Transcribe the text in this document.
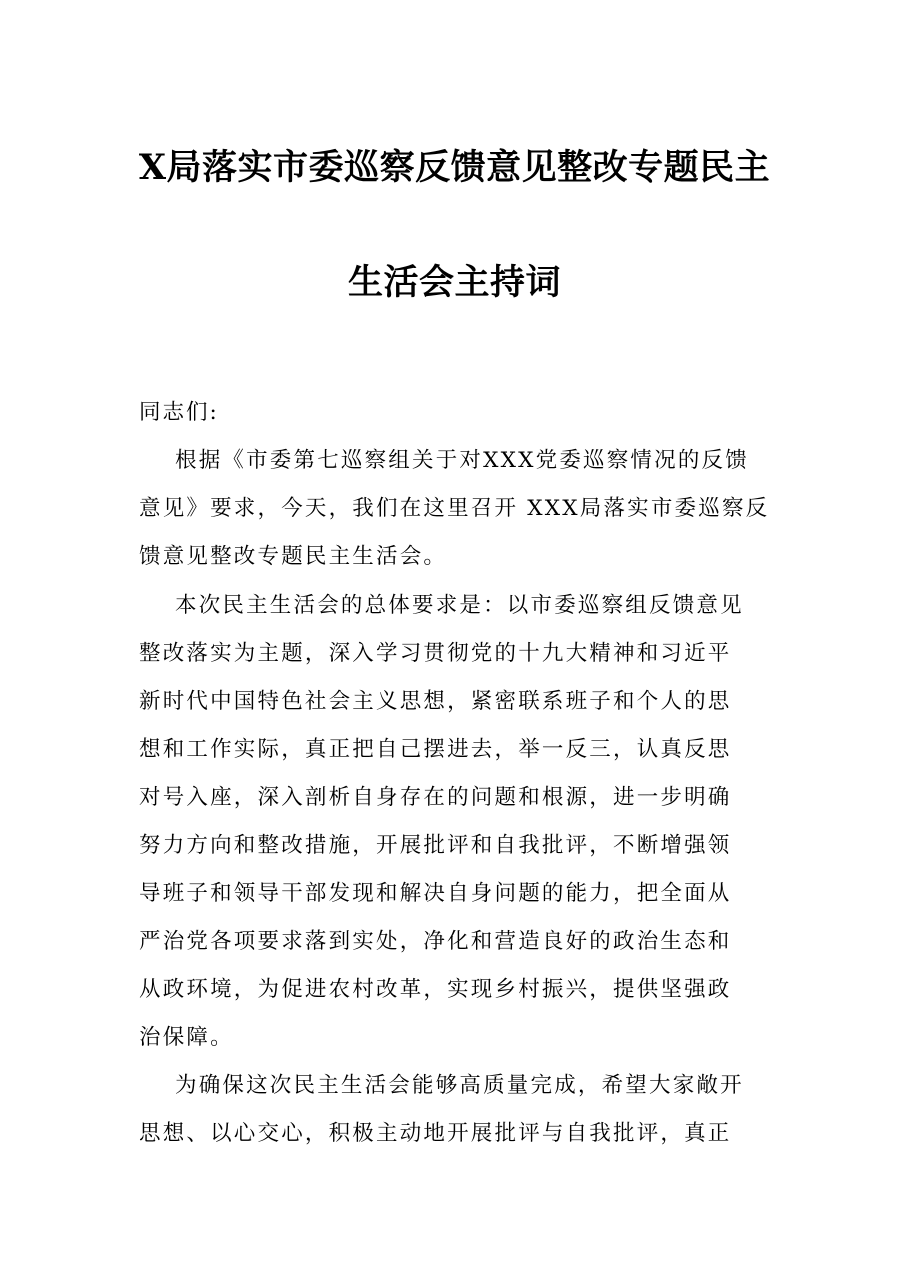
X局落实市委巡察反馈意见整改专题民主
生活会主持词
同志们:
根据《市委第七巡察组关于对XXX党委巡察情况的反馈
意见》要求，今天，我们在这里召开 XXX局落实市委巡察反
馈意见整改专题民主生活会。
本次民主生活会的总体要求是：以市委巡察组反馈意见
整改落实为主题，深入学习贯彻党的十九大精神和习近平
新时代中国特色社会主义思想，紧密联系班子和个人的思
想和工作实际，真正把自己摆进去，举一反三，认真反思
对号入座，深入剖析自身存在的问题和根源，进一步明确
努力方向和整改措施，开展批评和自我批评，不断增强领
导班子和领导干部发现和解决自身问题的能力，把全面从
严治党各项要求落到实处，净化和营造良好的政治生态和
从政环境，为促进农村改革，实现乡村振兴，提供坚强政
治保障。
为确保这次民主生活会能够高质量完成，希望大家敞开
思想、以心交心，积极主动地开展批评与自我批评，真正
